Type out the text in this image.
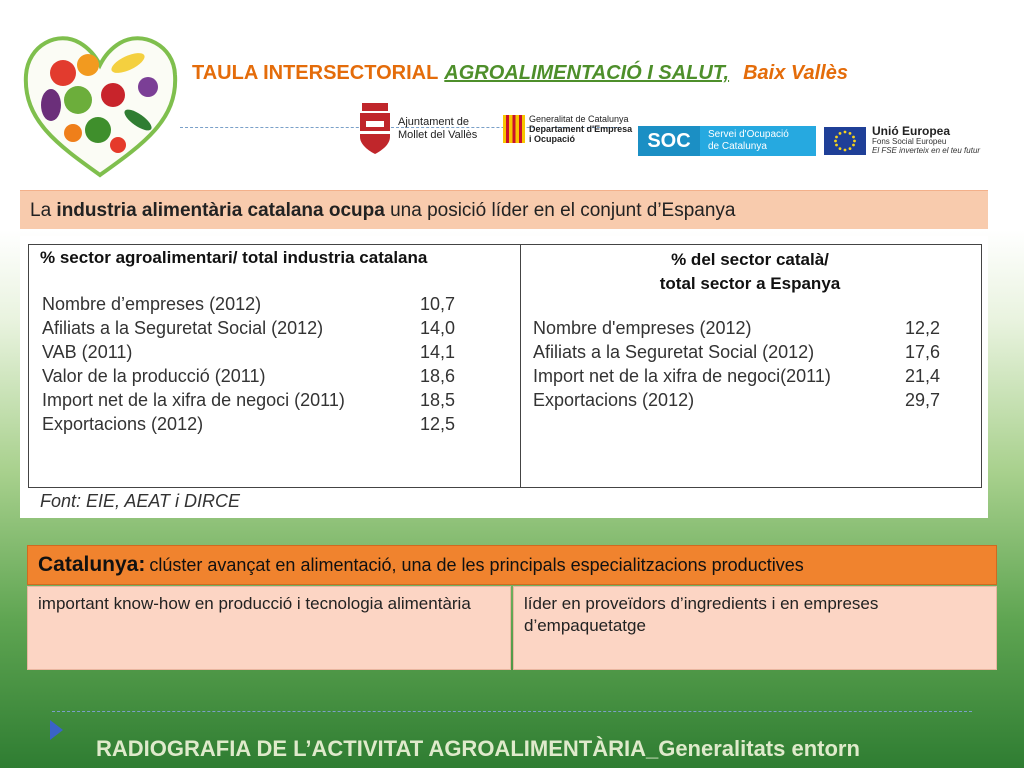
TAULA INTERSECTORIAL AGROALIMENTACIÓ I SALUT, Baix Vallès
Ajuntament de
Mollet del Vallès
Generalitat de Catalunya
Departament d'Empresa
i Ocupació	SOC	Servei d'Ocupació
de Catalunya
Unió Europea
Fons Social Europeu
El FSE inverteix en el teu futur
La industria alimentària catalana ocupa una posició líder en el conjunt d’Espanya
% sector agroalimentari/ total industria catalana	% del sector català/
total sector a Espanya
Nombre d’empreses (2012)	10,7
Afiliats a la Seguretat Social (2012)	14,0
VAB (2011)	14,1
Valor de la producció (2011)	18,6
Import net de la xifra de negoci (2011)	18,5
Exportacions (2012)	12,5
Nombre d'empreses (2012)	12,2
Afiliats a la Seguretat Social (2012)	17,6
Import net de la xifra de negoci(2011)	21,4
Exportacions (2012)	29,7
Font: EIE, AEAT i DIRCE
Catalunya: clúster avançat en alimentació, una de les principals especialitzacions productives
important know-how en producció i tecnologia alimentària	líder en proveïdors d’ingredients i en empreses d’empaquetatge
RADIOGRAFIA DE L’ACTIVITAT AGROALIMENTÀRIA_Generalitats entorn
